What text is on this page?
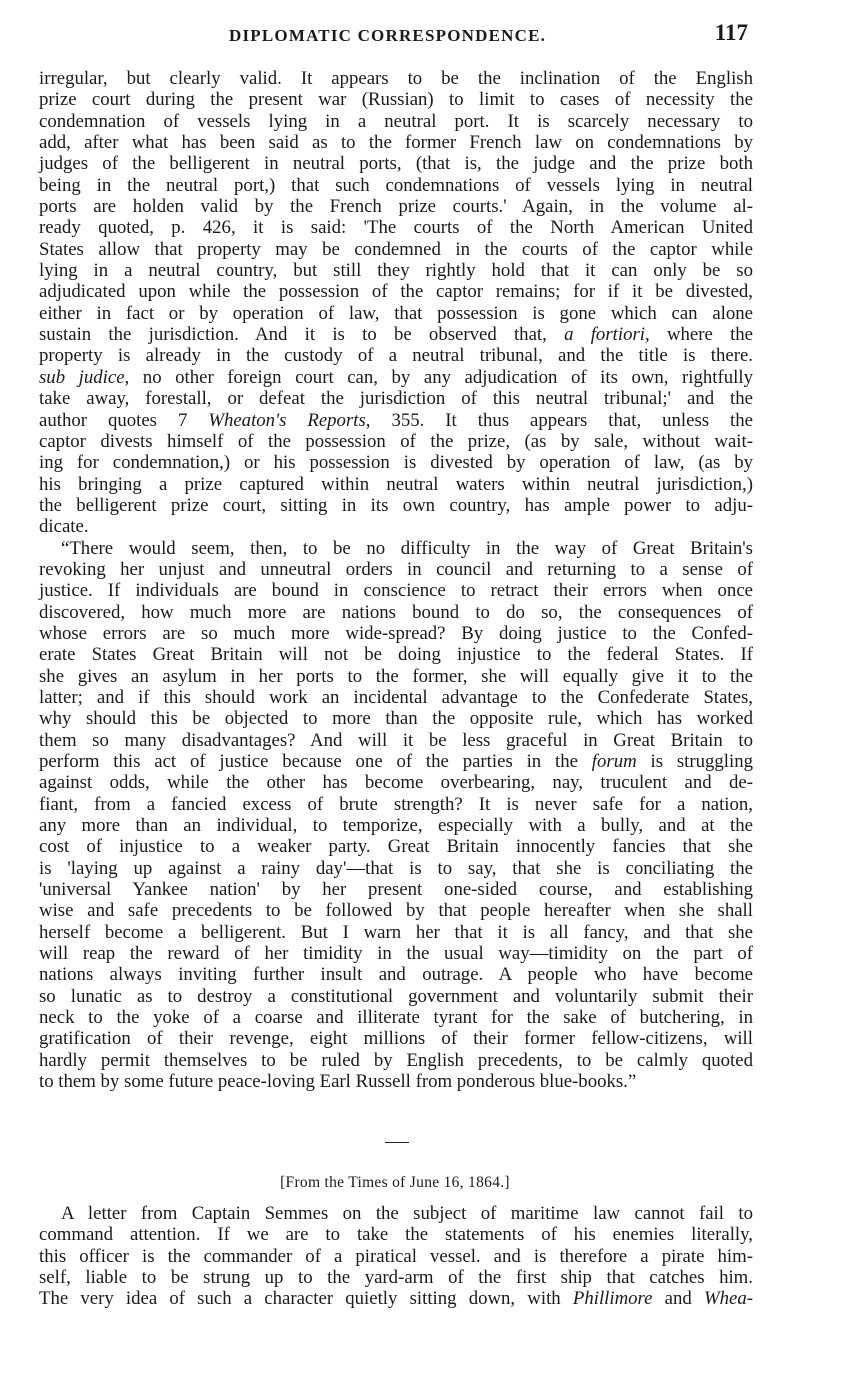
DIPLOMATIC CORRESPONDENCE.	117
irregular, but clearly valid. It appears to be the inclination of the English
prize court during the present war (Russian) to limit to cases of necessity the
condemnation of vessels lying in a neutral port. It is scarcely necessary to
add, after what has been said as to the former French law on condemnations by
judges of the belligerent in neutral ports, (that is, the judge and the prize both
being in the neutral port,) that such condemnations of vessels lying in neutral
ports are holden valid by the French prize courts.' Again, in the volume al-
ready quoted, p. 426, it is said: 'The courts of the North American United
States allow that property may be condemned in the courts of the captor while
lying in a neutral country, but still they rightly hold that it can only be so
adjudicated upon while the possession of the captor remains; for if it be divested,
either in fact or by operation of law, that possession is gone which can alone
sustain the jurisdiction. And it is to be observed that, a fortiori, where the
property is already in the custody of a neutral tribunal, and the title is there.
sub judice, no other foreign court can, by any adjudication of its own, rightfully
take away, forestall, or defeat the jurisdiction of this neutral tribunal;' and the
author quotes 7 Wheaton's Reports, 355. It thus appears that, unless the
captor divests himself of the possession of the prize, (as by sale, without wait-
ing for condemnation,) or his possession is divested by operation of law, (as by
his bringing a prize captured within neutral waters within neutral jurisdiction,)
the belligerent prize court, sitting in its own country, has ample power to adju-
dicate.
“There would seem, then, to be no difficulty in the way of Great Britain's
revoking her unjust and unneutral orders in council and returning to a sense of
justice. If individuals are bound in conscience to retract their errors when once
discovered, how much more are nations bound to do so, the consequences of
whose errors are so much more wide-spread? By doing justice to the Confed-
erate States Great Britain will not be doing injustice to the federal States. If
she gives an asylum in her ports to the former, she will equally give it to the
latter; and if this should work an incidental advantage to the Confederate States,
why should this be objected to more than the opposite rule, which has worked
them so many disadvantages? And will it be less graceful in Great Britain to
perform this act of justice because one of the parties in the forum is struggling
against odds, while the other has become overbearing, nay, truculent and de-
fiant, from a fancied excess of brute strength? It is never safe for a nation,
any more than an individual, to temporize, especially with a bully, and at the
cost of injustice to a weaker party. Great Britain innocently fancies that she
is 'laying up against a rainy day'—that is to say, that she is conciliating the
'universal Yankee nation' by her present one-sided course, and establishing
wise and safe precedents to be followed by that people hereafter when she shall
herself become a belligerent. But I warn her that it is all fancy, and that she
will reap the reward of her timidity in the usual way—timidity on the part of
nations always inviting further insult and outrage. A people who have become
so lunatic as to destroy a constitutional government and voluntarily submit their
neck to the yoke of a coarse and illiterate tyrant for the sake of butchering, in
gratification of their revenge, eight millions of their former fellow-citizens, will
hardly permit themselves to be ruled by English precedents, to be calmly quoted
to them by some future peace-loving Earl Russell from ponderous blue-books.”
[From the Times of June 16, 1864.]
A letter from Captain Semmes on the subject of maritime law cannot fail to
command attention. If we are to take the statements of his enemies literally,
this officer is the commander of a piratical vessel. and is therefore a pirate him-
self, liable to be strung up to the yard-arm of the first ship that catches him.
The very idea of such a character quietly sitting down, with Phillimore and Whea-
